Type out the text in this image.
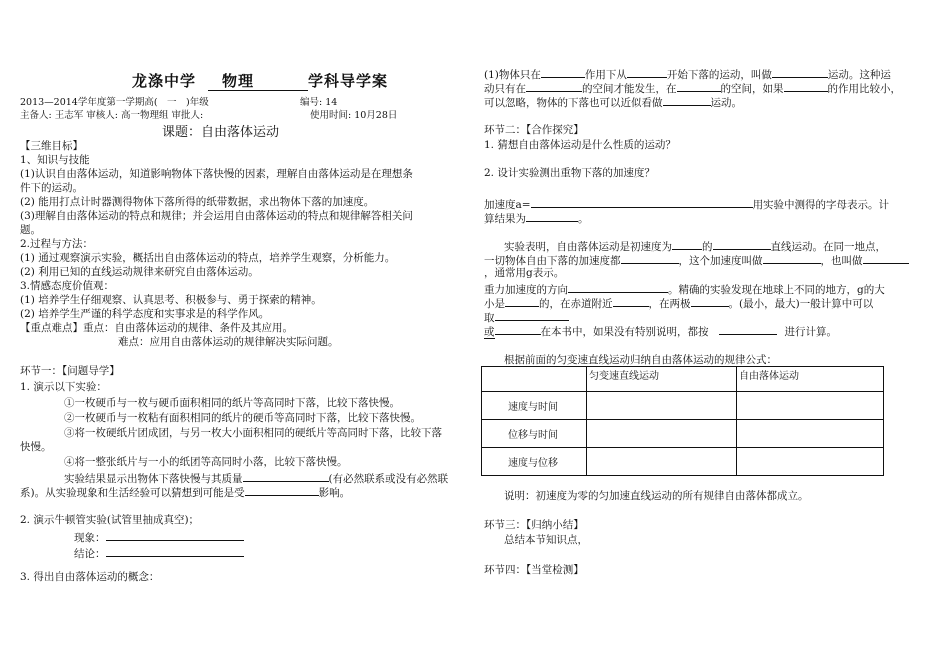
龙涤中学 物理	学科导学案
2013—2014学年度第一学期高(　一　)年级	编号: 14
主备人: 王志军 审核人: 高一物理组 审批人:	使用时间: 10月28日
课题：自由落体运动
【三维目标】
1、知识与技能
(1)认识自由落体运动，知道影响物体下落快慢的因素，理解自由落体运动是在理想条
件下的运动。
(2) 能用打点计时器测得物体下落所得的纸带数据，求出物体下落的加速度。
(3)理解自由落体运动的特点和规律；并会运用自由落体运动的特点和规律解答相关问
题。
2.过程与方法：
(1) 通过观察演示实验，概括出自由落体运动的特点，培养学生观察，分析能力。
(2) 利用已知的直线运动规律来研究自由落体运动。
3.情感态度价值观：
(1) 培养学生仔细观察、认真思考、积极参与、勇于探索的精神。
(2) 培养学生严谨的科学态度和实事求是的科学作风。
【重点难点】重点：自由落体运动的规律、条件及其应用。
难点：应用自由落体运动的规律解决实际问题。
环节一：【问题导学】
1. 演示以下实验：
①一枚硬币与一枚与硬币面积相同的纸片等高同时下落，比较下落快慢。
②一枚硬币与一枚粘有面积相同的纸片的硬币等高同时下落，比较下落快慢。
③将一枚硬纸片团成团，与另一枚大小面积相同的硬纸片等高同时下落，比较下落
快慢。
④将一整张纸片与一小的纸团等高同时小落，比较下落快慢。
实验结果显示出物体下落快慢与其质量	(有必然联系或没有必然联
系)。从实验现象和生活经验可以猜想到可能是受	影响。
2. 演示牛顿管实验(试管里抽成真空)；
现象：
结论：
3. 得出自由落体运动的概念：
(1)物体只在	作用下从	开始下落的运动，叫做	运动。这种运
动只有在	的空间才能发生，在	的空间，如果	的作用比较小，
可以忽略，物体的下落也可以近似看做	运动。
环节二：【合作探究】
1. 猜想自由落体运动是什么性质的运动？
2. 设计实验测出重物下落的加速度？
加速度a=	用实验中测得的字母表示。计
算结果为	。
实验表明，自由落体运动是初速度为	的	直线运动。在同一地点，
一切物体自由下落的加速度都	，这个加速度叫做	，也叫做
，通常用g表示。
重力加速度的方向	。精确的实验发现在地球上不同的地方，g的大
小是	的，在赤道附近	，在两极	。(最小，最大)一般计算中可以
取
或	在本书中，如果没有特别说明，都按	进行计算。
根据前面的匀变速直线运动归纳自由落体运动的规律公式：
	匀变速直线运动	自由落体运动
速度与时间		
位移与时间		
速度与位移		
说明：初速度为零的匀加速直线运动的所有规律自由落体都成立。
环节三：【归纳小结】
总结本节知识点，
环节四：【当堂检测】
